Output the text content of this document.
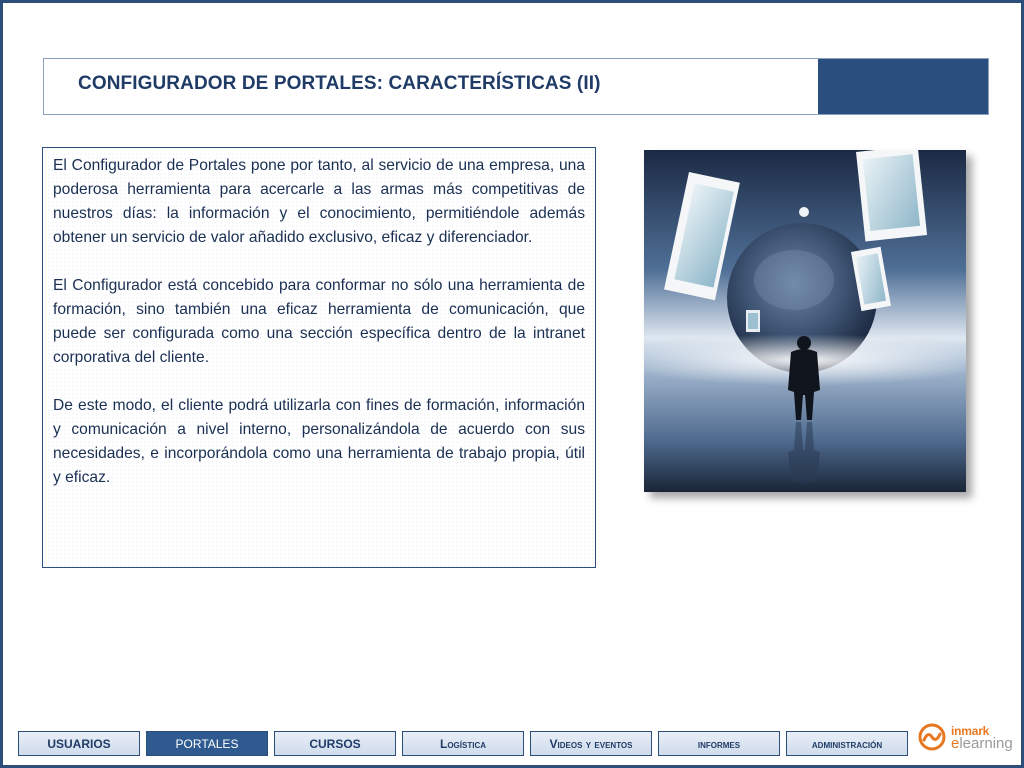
CONFIGURADOR DE PORTALES: CARACTERÍSTICAS (II)

El Configurador de Portales pone por tanto, al servicio de una empresa, una poderosa herramienta para acercarle a las armas más competitivas de nuestros días: la información y el conocimiento, permitiéndole además obtener un servicio de valor añadido exclusivo, eficaz y diferenciador.

El Configurador está concebido para conformar no sólo una herramienta de formación, sino también una eficaz herramienta de comunicación, que puede ser configurada como una sección específica dentro de la intranet corporativa del cliente.

De este modo, el cliente podrá utilizarla con fines de formación, información y comunicación a nivel interno, personalizándola de acuerdo con sus necesidades, e incorporándola como una herramienta de trabajo propia, útil y eficaz.

USUARIOS	PORTALES	CURSOS	Logística	Videos y eventos	informes	administración
inmark
elearning
